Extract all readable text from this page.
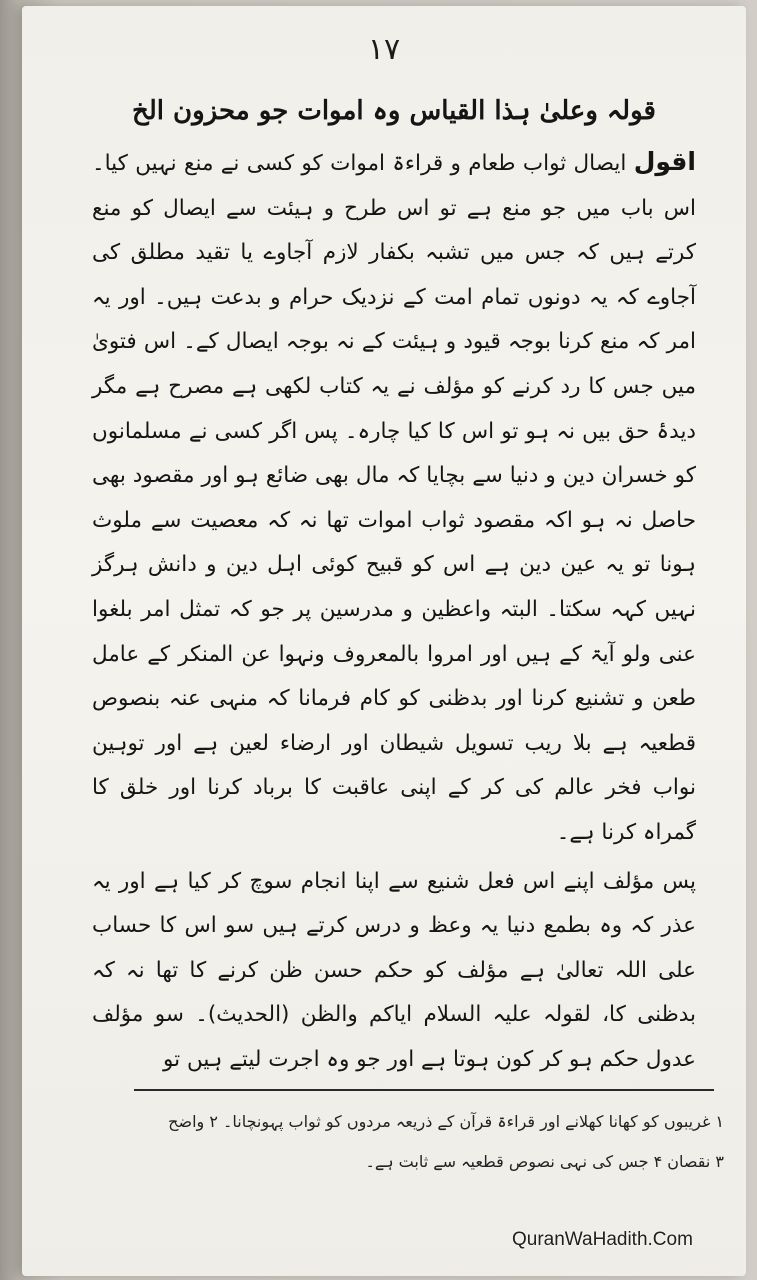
۱۷
قولہ وعلیٰ ہذا القیاس وہ اموات جو محزون الخ

اقول ایصال ثواب طعام و قراءۃ اموات کو کسی نے منع نہیں کیا۔ اس باب میں جو منع ہے تو اس طرح و ہیئت سے ایصال کو منع کرتے ہیں کہ جس میں تشبہ بکفار لازم آجاوے یا تقید مطلق کی آجاوے کہ یہ دونوں تمام امت کے نزدیک حرام و بدعت ہیں۔ اور یہ امر کہ منع کرنا بوجہ قیود و ہیئت کے نہ بوجہ ایصال کے۔ اس فتویٰ میں جس کا رد کرنے کو مؤلف نے یہ کتاب لکھی ہے مصرح ہے مگر دیدۂ حق بیں نہ ہو تو اس کا کیا چارہ۔ پس اگر کسی نے مسلمانوں کو خسران دین و دنیا سے بچایا کہ مال بھی ضائع ہو اور مقصود بھی حاصل نہ ہو اکہ مقصود ثواب اموات تھا نہ کہ معصیت سے ملوث ہونا تو یہ عین دین ہے اس کو قبیح کوئی اہل دین و دانش ہرگز نہیں کہہ سکتا۔ البتہ واعظین و مدرسین پر جو کہ تمثل امر بلغوا عنی ولو آیۃ کے ہیں اور امروا بالمعروف ونہوا عن المنکر کے عامل طعن و تشنیع کرنا اور بدظنی کو کام فرمانا کہ منہی عنہ بنصوص قطعیہ ہے بلا ریب تسویل شیطان اور ارضاء لعین ہے اور توہین نواب فخر عالم کی کر کے اپنی عاقبت کا برباد کرنا اور خلق کا گمراہ کرنا ہے۔

پس مؤلف اپنے اس فعل شنیع سے اپنا انجام سوچ کر کیا ہے اور یہ عذر کہ وہ بطمع دنیا یہ وعظ و درس کرتے ہیں سو اس کا حساب علی اللہ تعالیٰ ہے مؤلف کو حکم حسن ظن کرنے کا تھا نہ کہ بدظنی کا، لقولہ علیہ السلام ایاکم والظن (الحدیث)۔ سو مؤلف عدول حکم ہو کر کون ہوتا ہے اور جو وہ اجرت لیتے ہیں تو

۱ غریبوں کو کھانا کھلانے اور قراءۃ قرآن کے ذریعہ مردوں کو ثواب پہونچانا۔ ۲ واضح
۳ نقصان ۴ جس کی نہی نصوص قطعیہ سے ثابت ہے۔
QuranWaHadith.Com
